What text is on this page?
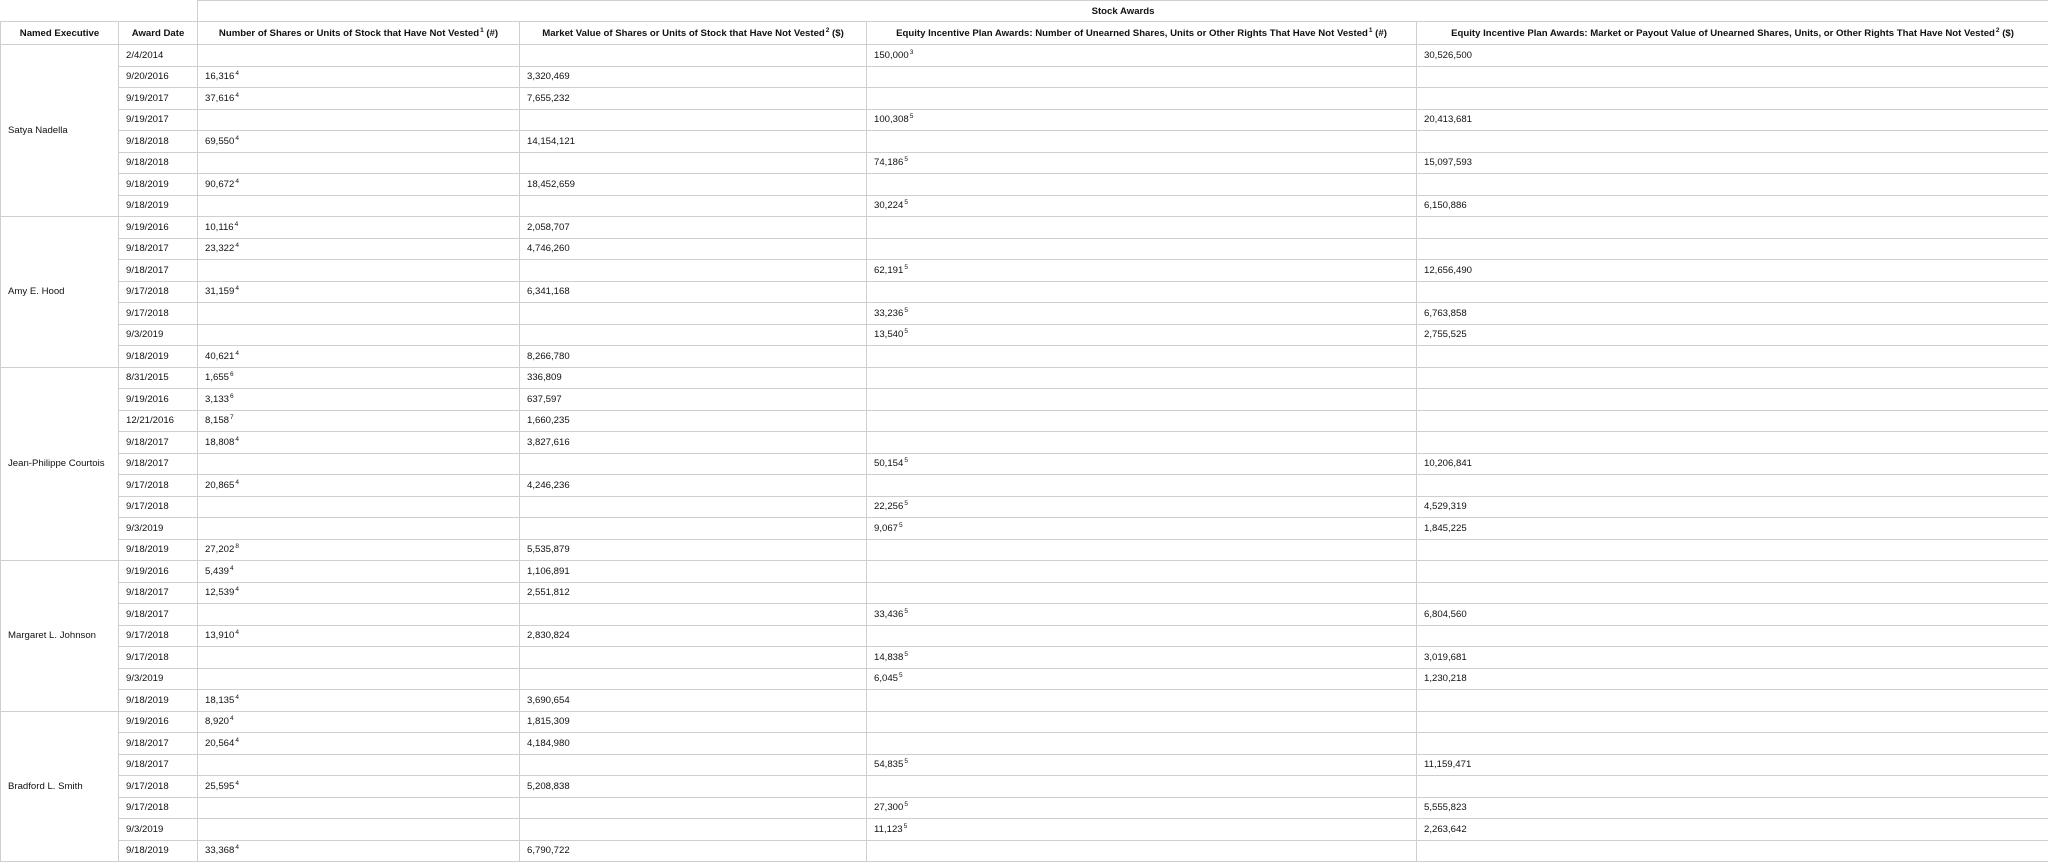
		Stock Awards			
Named Executive	Award Date	Number of Shares or Units of Stock that Have Not Vested$^1$ (#)	Market Value of Shares or Units of Stock that Have Not Vested$^2$ ($)	Equity Incentive Plan Awards: Number of Unearned Shares, Units or Other Rights That Have Not Vested$^1$ (#)	Equity Incentive Plan Awards: Market or Payout Value of Unearned Shares, Units, or Other Rights That Have Not Vested$^2$ ($)
Satya Nadella	2/4/2014			150,000$^3$	30,526,500
	9/20/2016	16,316$^4$	3,320,469		
	9/19/2017	37,616$^4$	7,655,232		
	9/19/2017			100,308$^5$	20,413,681
	9/18/2018	69,550$^4$	14,154,121		
	9/18/2018			74,186$^5$	15,097,593
	9/18/2019	90,672$^4$	18,452,659		
	9/18/2019			30,224$^5$	6,150,886
Amy E. Hood	9/19/2016	10,116$^4$	2,058,707		
	9/18/2017	23,322$^4$	4,746,260		
	9/18/2017			62,191$^5$	12,656,490
	9/17/2018	31,159$^4$	6,341,168		
	9/17/2018			33,236$^5$	6,763,858
	9/3/2019			13,540$^5$	2,755,525
	9/18/2019	40,621$^4$	8,266,780		
Jean-Philippe Courtois	8/31/2015	1,655$^6$	336,809		
	9/19/2016	3,133$^6$	637,597		
	12/21/2016	8,158$^7$	1,660,235		
	9/18/2017	18,808$^4$	3,827,616		
	9/18/2017			50,154$^5$	10,206,841
	9/17/2018	20,865$^4$	4,246,236		
	9/17/2018			22,256$^5$	4,529,319
	9/3/2019			9,067$^5$	1,845,225
	9/18/2019	27,202$^8$	5,535,879		
Margaret L. Johnson	9/19/2016	5,439$^4$	1,106,891		
	9/18/2017	12,539$^4$	2,551,812		
	9/18/2017			33,436$^5$	6,804,560
	9/17/2018	13,910$^4$	2,830,824		
	9/17/2018			14,838$^5$	3,019,681
	9/3/2019			6,045$^5$	1,230,218
	9/18/2019	18,135$^4$	3,690,654		
Bradford L. Smith	9/19/2016	8,920$^4$	1,815,309		
	9/18/2017	20,564$^4$	4,184,980		
	9/18/2017			54,835$^5$	11,159,471
	9/17/2018	25,595$^4$	5,208,838		
	9/17/2018			27,300$^5$	5,555,823
	9/3/2019			11,123$^5$	2,263,642
	9/18/2019	33,368$^4$	6,790,722		
